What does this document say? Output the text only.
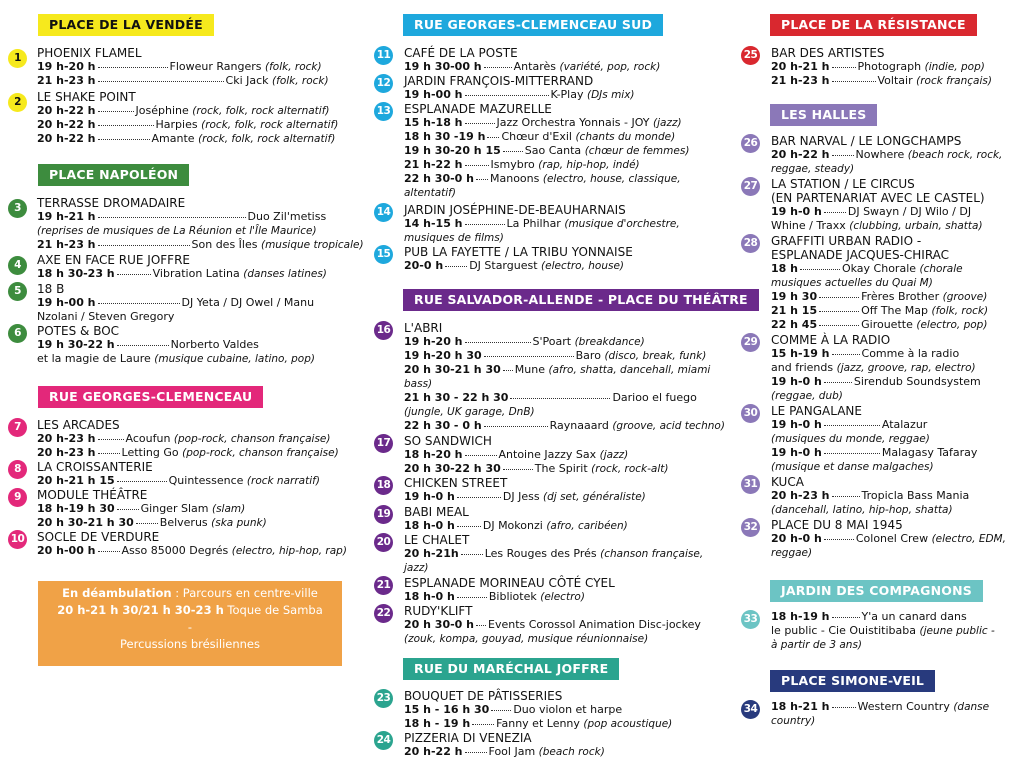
PLACE DE LA VENDÉE
1	PHOENIX FLAMEL
19 h-20 h	Floweur Rangers (folk, rock)
21 h-23 h	Cki Jack (folk, rock)
2	LE SHAKE POINT
20 h-22 h	Joséphine (rock, folk, rock alternatif)
20 h-22 h	Harpies (rock, folk, rock alternatif)
20 h-22 h	Amante (rock, folk, rock alternatif)
PLACE NAPOLÉON
3	TERRASSE DROMADAIRE
19 h-21 h	Duo Zil'metiss
(reprises de musiques de La Réunion et l'Île Maurice)
21 h-23 h	Son des Îles (musique tropicale)
4	AXE EN FACE RUE JOFFRE
18 h 30-23 h	Vibration Latina (danses latines)
5	18 B
19 h-00 h	DJ Yeta / DJ Owel / Manu
Nzolani / Steven Gregory
6	POTES & BOC
19 h 30-22 h	Norberto Valdes
et la magie de Laure (musique cubaine, latino, pop)
RUE GEORGES-CLEMENCEAU
7	LES ARCADES
20 h-23 h	Acoufun (pop-rock, chanson française)
20 h-23 h Letting Go (pop-rock, chanson française)
8	LA CROISSANTERIE
20 h-21 h 15	Quintessence (rock narratif)
9	MODULE THÉÂTRE
18 h-19 h 30 Ginger Slam (slam)
20 h 30-21 h 30 Belverus (ska punk)
10 SOCLE DE VERDURE
20 h-00 h Asso 85000 Degrés (electro, hip-hop, rap)
En déambulation : Parcours en centre-ville
20 h-21 h 30/21 h 30-23 h Toque de Samba
-
Percussions brésiliennes
RUE GEORGES-CLEMENCEAU SUD
11 CAFÉ DE LA POSTE
19 h 30-00 h	Antarès (variété, pop, rock)
12 JARDIN FRANÇOIS-MITTERRAND
19 h-00 h	K-Play (DJs mix)
13 ESPLANADE MAZURELLE
15 h-18 h	Jazz Orchestra Yonnais - JOY (jazz)
18 h 30 -19 h Chœur d'Exil (chants du monde)
19 h 30-20 h 15 Sao Canta (chœur de femmes)
21 h-22 h	Ismybro (rap, hip-hop, indé)
22 h 30-0 h Manoons (electro, house, classique,
altentatif)
14 JARDIN JOSÉPHINE-DE-BEAUHARNAIS
14 h-15 h	La Philhar (musique d'orchestre,
musiques de films)
15 PUB LA FAYETTE / LA TRIBU YONNAISE
20-0 h DJ Starguest (electro, house)
RUE SALVADOR-ALLENDE - PLACE DU THÉÂTRE
16 L'ABRI
19 h-20 h	S'Poart (breakdance)
19 h-20 h 30	Baro (disco, break, funk)
20 h 30-21 h 30 Mune (afro, shatta, dancehall, miami
bass)
21 h 30 - 22 h 30	Darioo el fuego
(jungle, UK garage, DnB)
22 h 30 - 0 h	Raynaaard (groove, acid techno)
17 SO SANDWICH
18 h-20 h	Antoine Jazzy Sax (jazz)
20 h 30-22 h 30	The Spirit (rock, rock-alt)
18 CHICKEN STREET
19 h-0 h	DJ Jess (dj set, généraliste)
19 BABI MEAL
18 h-0 h	DJ Mokonzi (afro, caribéen)
20 LE CHALET
20 h-21h Les Rouges des Prés (chanson française,
jazz)
21 ESPLANADE MORINEAU CÔTÉ CYEL
18 h-0 h	Bibliotek (electro)
22 RUDY'KLIFT
20 h 30-0 h Events Corossol Animation Disc-jockey
(zouk, kompa, gouyad, musique réunionnaise)
RUE DU MARÉCHAL JOFFRE
23 BOUQUET DE PÂTISSERIES
15 h - 16 h 30 Duo violon et harpe
18 h - 19 h Fanny et Lenny (pop acoustique)
24 PIZZERIA DI VENEZIA
20 h-22 h Fool Jam (beach rock)
PLACE DE LA RÉSISTANCE
25 BAR DES ARTISTES
20 h-21 h	Photograph (indie, pop)
21 h-23 h	Voltair (rock français)
LES HALLES
26 BAR NARVAL / LE LONGCHAMPS
20 h-22 h Nowhere (beach rock, rock,
reggae, steady)
27 LA STATION / LE CIRCUS
(EN PARTENARIAT AVEC LE CASTEL)
19 h-0 h DJ Swayn / DJ Wilo / DJ
Whine / Traxx (clubbing, urbain, shatta)
28 GRAFFITI URBAN RADIO -
ESPLANADE JACQUES-CHIRAC
18 h	Okay Chorale (chorale
musiques actuelles du Quai M)
19 h 30	Frères Brother (groove)
21 h 15	Off The Map (folk, rock)
22 h 45	Girouette (electro, pop)
29 COMME À LA RADIO
15 h-19 h	Comme à la radio
and friends (jazz, groove, rap, electro)
19 h-0 h	Sirendub Soundsystem
(reggae, dub)
30 LE PANGALANE
19 h-0 h	Atalazur
(musiques du monde, reggae)
19 h-0 h	Malagasy Tafaray
(musique et danse malgaches)
31 KUCA
20 h-23 h	Tropicla Bass Mania
(dancehall, latino, hip-hop, shatta)
32 PLACE DU 8 MAI 1945
20 h-0 h	Colonel Crew (electro, EDM,
reggae)
JARDIN DES COMPAGNONS
33 18 h-19 h	Y'a un canard dans
le public - Cie Ouistitibaba (jeune public -
à partir de 3 ans)
PLACE SIMONE-VEIL
34 18 h-21 h	Western Country (danse
country)
